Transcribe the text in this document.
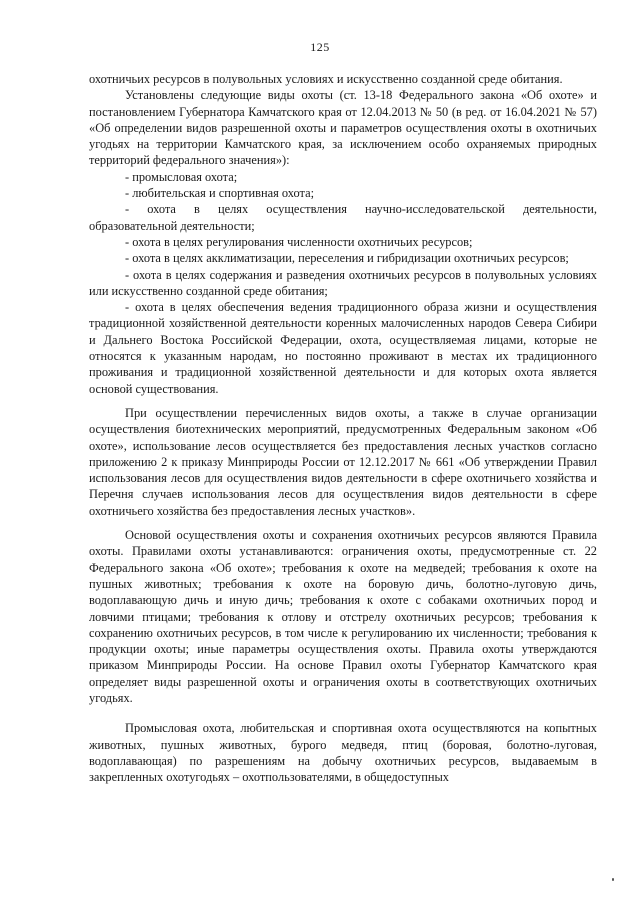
125

охотничьих ресурсов в полувольных условиях и искусственно созданной среде обитания.

Установлены следующие виды охоты (ст. 13-18 Федерального закона «Об охоте» и постановлением Губернатора Камчатского края от 12.04.2013 № 50 (в ред. от 16.04.2021 № 57) «Об определении видов разрешенной охоты и параметров осуществления охоты в охотничьих угодьях на территории Камчатского края, за исключением особо охраняемых природных территорий федерального значения»):

- промысловая охота;

- любительская и спортивная охота;

- охота в целях осуществления научно-исследовательской деятельности, образовательной деятельности;

- охота в целях регулирования численности охотничьих ресурсов;

- охота в целях акклиматизации, переселения и гибридизации охотничьих ресурсов;

- охота в целях содержания и разведения охотничьих ресурсов в полувольных условиях или искусственно созданной среде обитания;

- охота в целях обеспечения ведения традиционного образа жизни и осуществления традиционной хозяйственной деятельности коренных малочисленных народов Севера Сибири и Дальнего Востока Российской Федерации, охота, осуществляемая лицами, которые не относятся к указанным народам, но постоянно проживают в местах их традиционного проживания и традиционной хозяйственной деятельности и для которых охота является основой существования.

При осуществлении перечисленных видов охоты, а также в случае организации осуществления биотехнических мероприятий, предусмотренных Федеральным законом «Об охоте», использование лесов осуществляется без предоставления лесных участков согласно приложению 2 к приказу Минприроды России от 12.12.2017 № 661 «Об утверждении Правил использования лесов для осуществления видов деятельности в сфере охотничьего хозяйства и Перечня случаев использования лесов для осуществления видов деятельности в сфере охотничьего хозяйства без предоставления лесных участков».

Основой осуществления охоты и сохранения охотничьих ресурсов являются Правила охоты. Правилами охоты устанавливаются: ограничения охоты, предусмотренные ст. 22 Федерального закона «Об охоте»; требования к охоте на медведей; требования к охоте на пушных животных; требования к охоте на боровую дичь, болотно-луговую дичь, водоплавающую дичь и иную дичь; требования к охоте с собаками охотничьих пород и ловчими птицами; требования к отлову и отстрелу охотничьих ресурсов; требования к сохранению охотничьих ресурсов, в том числе к регулированию их численности; требования к продукции охоты; иные параметры осуществления охоты. Правила охоты утверждаются приказом Минприроды России. На основе Правил охоты Губернатор Камчатского края определяет виды разрешенной охоты и ограничения охоты в соответствующих охотничьих угодьях.

Промысловая охота, любительская и спортивная охота осуществляются на копытных животных, пушных животных, бурого медведя, птиц (боровая, болотно-луговая, водоплавающая) по разрешениям на добычу охотничьих ресурсов, выдаваемым в закрепленных охотугодьях – охотпользователями, в общедоступных
